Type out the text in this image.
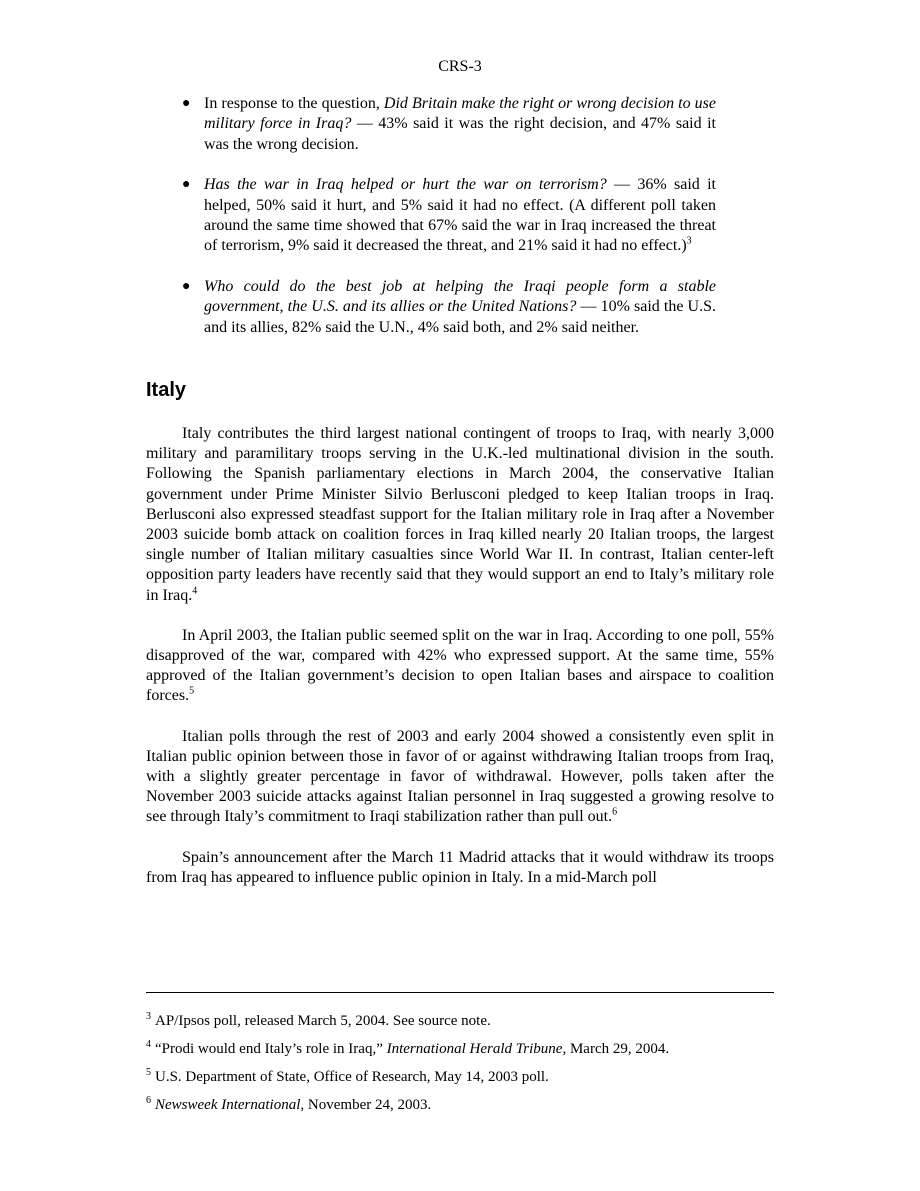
CRS-3
● In response to the question, Did Britain make the right or wrong decision to use military force in Iraq? — 43% said it was the right decision, and 47% said it was the wrong decision.
● Has the war in Iraq helped or hurt the war on terrorism? — 36% said it helped, 50% said it hurt, and 5% said it had no effect. (A different poll taken around the same time showed that 67% said the war in Iraq increased the threat of terrorism, 9% said it decreased the threat, and 21% said it had no effect.)$^3$
● Who could do the best job at helping the Iraqi people form a stable government, the U.S. and its allies or the United Nations? — 10% said the U.S. and its allies, 82% said the U.N., 4% said both, and 2% said neither.
Italy

Italy contributes the third largest national contingent of troops to Iraq, with nearly 3,000 military and paramilitary troops serving in the U.K.-led multinational division in the south. Following the Spanish parliamentary elections in March 2004, the conservative Italian government under Prime Minister Silvio Berlusconi pledged to keep Italian troops in Iraq. Berlusconi also expressed steadfast support for the Italian military role in Iraq after a November 2003 suicide bomb attack on coalition forces in Iraq killed nearly 20 Italian troops, the largest single number of Italian military casualties since World War II. In contrast, Italian center-left opposition party leaders have recently said that they would support an end to Italy’s military role in Iraq.$^4$

In April 2003, the Italian public seemed split on the war in Iraq. According to one poll, 55% disapproved of the war, compared with 42% who expressed support. At the same time, 55% approved of the Italian government’s decision to open Italian bases and airspace to coalition forces.$^5$

Italian polls through the rest of 2003 and early 2004 showed a consistently even split in Italian public opinion between those in favor of or against withdrawing Italian troops from Iraq, with a slightly greater percentage in favor of withdrawal. However, polls taken after the November 2003 suicide attacks against Italian personnel in Iraq suggested a growing resolve to see through Italy’s commitment to Iraqi stabilization rather than pull out.$^6$

Spain’s announcement after the March 11 Madrid attacks that it would withdraw its troops from Iraq has appeared to influence public opinion in Italy. In a mid-March poll

$^3$ AP/Ipsos poll, released March 5, 2004. See source note.

$^4$ “Prodi would end Italy’s role in Iraq,” International Herald Tribune, March 29, 2004.

$^5$ U.S. Department of State, Office of Research, May 14, 2003 poll.

$^6$ Newsweek International, November 24, 2003.
